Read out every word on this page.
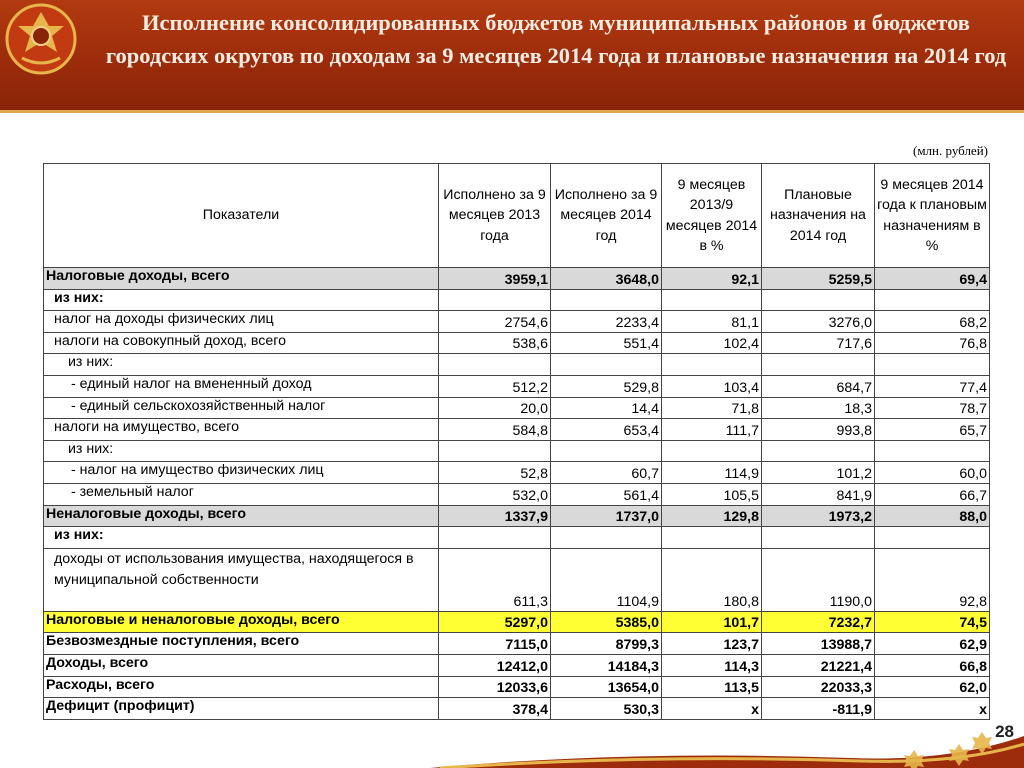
Исполнение консолидированных бюджетов муниципальных районов и бюджетов городских округов по доходам за 9 месяцев 2014 года и плановые назначения на 2014 год
(млн. рублей)
Показатели	Исполнено за 9 месяцев 2013 года	Исполнено за 9 месяцев 2014 год	9 месяцев 2013/9 месяцев 2014 в %	Плановые назначения на 2014 год	9 месяцев 2014 года к плановым назначениям в %
Налоговые доходы, всего	3959,1	3648,0	92,1	5259,5	69,4
из них:					
налог на доходы физических лиц	2754,6	2233,4	81,1	3276,0	68,2
налоги на совокупный доход, всего	538,6	551,4	102,4	717,6	76,8
из них:					
- единый налог на вмененный доход	512,2	529,8	103,4	684,7	77,4
- единый сельскохозяйственный налог	20,0	14,4	71,8	18,3	78,7
налоги на имущество, всего	584,8	653,4	111,7	993,8	65,7
из них:					
- налог на имущество физических лиц	52,8	60,7	114,9	101,2	60,0
- земельный налог	532,0	561,4	105,5	841,9	66,7
Неналоговые доходы, всего	1337,9	1737,0	129,8	1973,2	88,0
из них:					
доходы от использования имущества, находящегося в муниципальной собственности	611,3	1104,9	180,8	1190,0	92,8
Налоговые и неналоговые доходы, всего	5297,0	5385,0	101,7	7232,7	74,5
Безвозмездные поступления, всего	7115,0	8799,3	123,7	13988,7	62,9
Доходы, всего	12412,0	14184,3	114,3	21221,4	66,8
Расходы, всего	12033,6	13654,0	113,5	22033,3	62,0
Дефицит (профицит)	378,4	530,3	x	-811,9	x
28
